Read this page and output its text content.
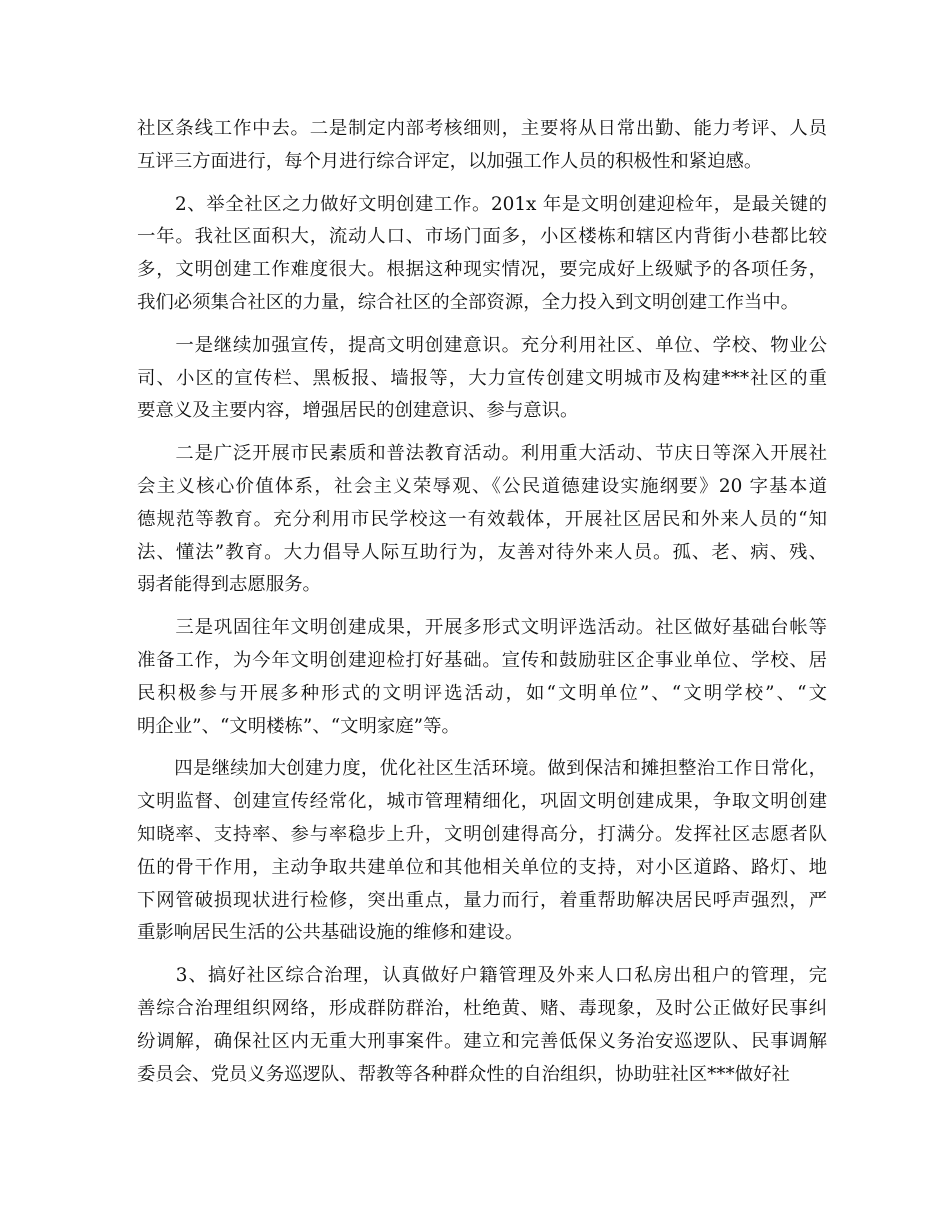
社区条线工作中去。二是制定内部考核细则，主要将从日常出勤、能力考评、人员
互评三方面进行，每个月进行综合评定，以加强工作人员的积极性和紧迫感。
　　2、举全社区之力做好文明创建工作。201x 年是文明创建迎检年，是最关键的
一年。我社区面积大，流动人口、市场门面多，小区楼栋和辖区内背街小巷都比较
多，文明创建工作难度很大。根据这种现实情况，要完成好上级赋予的各项任务，
我们必须集合社区的力量，综合社区的全部资源，全力投入到文明创建工作当中。
　　一是继续加强宣传，提高文明创建意识。充分利用社区、单位、学校、物业公
司、小区的宣传栏、黑板报、墙报等，大力宣传创建文明城市及构建***社区的重
要意义及主要内容，增强居民的创建意识、参与意识。
　　二是广泛开展市民素质和普法教育活动。利用重大活动、节庆日等深入开展社
会主义核心价值体系，社会主义荣辱观、《公民道德建设实施纲要》20 字基本道
德规范等教育。充分利用市民学校这一有效载体，开展社区居民和外来人员的“知
法、懂法”教育。大力倡导人际互助行为，友善对待外来人员。孤、老、病、残、
弱者能得到志愿服务。
　　三是巩固往年文明创建成果，开展多形式文明评选活动。社区做好基础台帐等
准备工作，为今年文明创建迎检打好基础。宣传和鼓励驻区企事业单位、学校、居
民积极参与开展多种形式的文明评选活动，如“文明单位”、“文明学校”、“文
明企业”、“文明楼栋”、“文明家庭”等。
　　四是继续加大创建力度，优化社区生活环境。做到保洁和摊担整治工作日常化，
文明监督、创建宣传经常化，城市管理精细化，巩固文明创建成果，争取文明创建
知晓率、支持率、参与率稳步上升，文明创建得高分，打满分。发挥社区志愿者队
伍的骨干作用，主动争取共建单位和其他相关单位的支持，对小区道路、路灯、地
下网管破损现状进行检修，突出重点，量力而行，着重帮助解决居民呼声强烈，严
重影响居民生活的公共基础设施的维修和建设。
　　3、搞好社区综合治理，认真做好户籍管理及外来人口私房出租户的管理，完
善综合治理组织网络，形成群防群治，杜绝黄、赌、毒现象，及时公正做好民事纠
纷调解，确保社区内无重大刑事案件。建立和完善低保义务治安巡逻队、民事调解
委员会、党员义务巡逻队、帮教等各种群众性的自治组织，协助驻社区***做好社
